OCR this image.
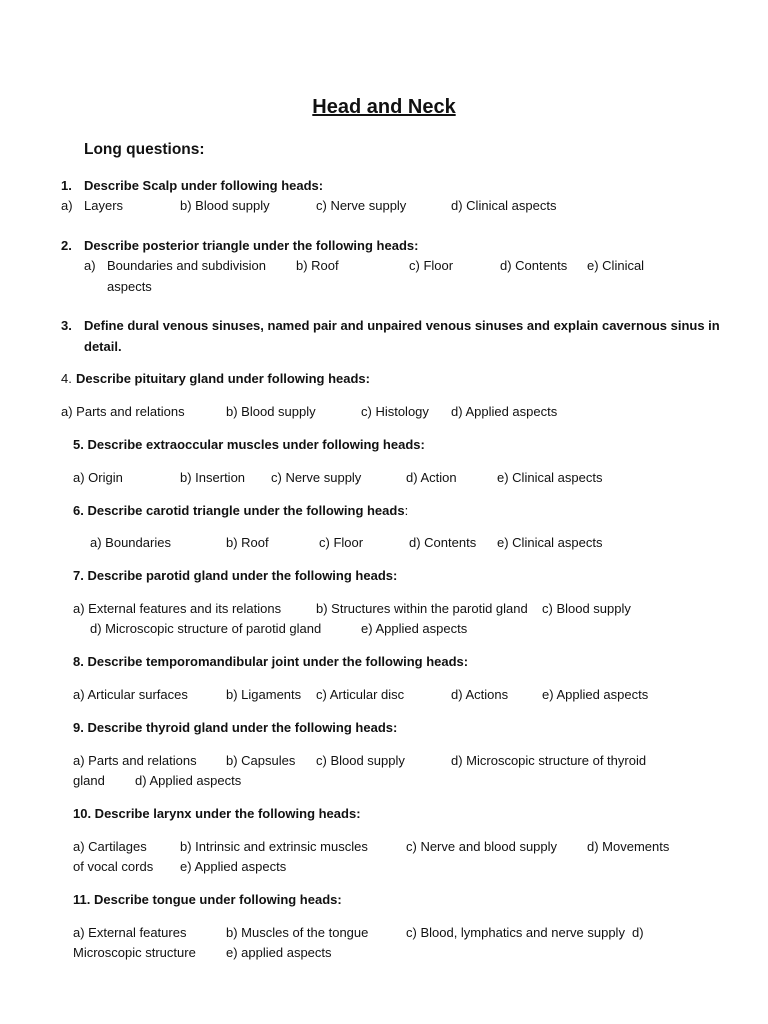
Head and Neck
Long questions:
1. Describe Scalp under following heads:
a) Layers	b) Blood supply	c) Nerve supply	d) Clinical aspects
2. Describe posterior triangle under the following heads:
a) Boundaries and subdivision b) Roof	c) Floor	d) Contents e) Clinical
aspects
3. Define dural venous sinuses, named pair and unpaired venous sinuses and explain cavernous sinus in
detail.
4. Describe pituitary gland under following heads:
a) Parts and relations	b) Blood supply	c) Histology d) Applied aspects
5. Describe extraoccular muscles under following heads:
a) Origin	b) Insertion c) Nerve supply	d) Action	e) Clinical aspects
6. Describe carotid triangle under the following heads:
a) Boundaries	b) Roof	c) Floor	d) Contents e) Clinical aspects
7. Describe parotid gland under the following heads:
a) External features and its relations	b) Structures within the parotid gland c) Blood supply
d) Microscopic structure of parotid gland	e) Applied aspects
8. Describe temporomandibular joint under the following heads:
a) Articular surfaces	b) Ligaments c) Articular disc	d) Actions	e) Applied aspects
9. Describe thyroid gland under the following heads:
a) Parts and relations b) Capsules c) Blood supply	d) Microscopic structure of thyroid
gland d) Applied aspects
10. Describe larynx under the following heads:
a) Cartilages	b) Intrinsic and extrinsic muscles	c) Nerve and blood supply d) Movements
of vocal cords e) Applied aspects
11. Describe tongue under following heads:
a) External features	b) Muscles of the tongue	c) Blood, lymphatics and nerve supply d)
Microscopic structure e) applied aspects
